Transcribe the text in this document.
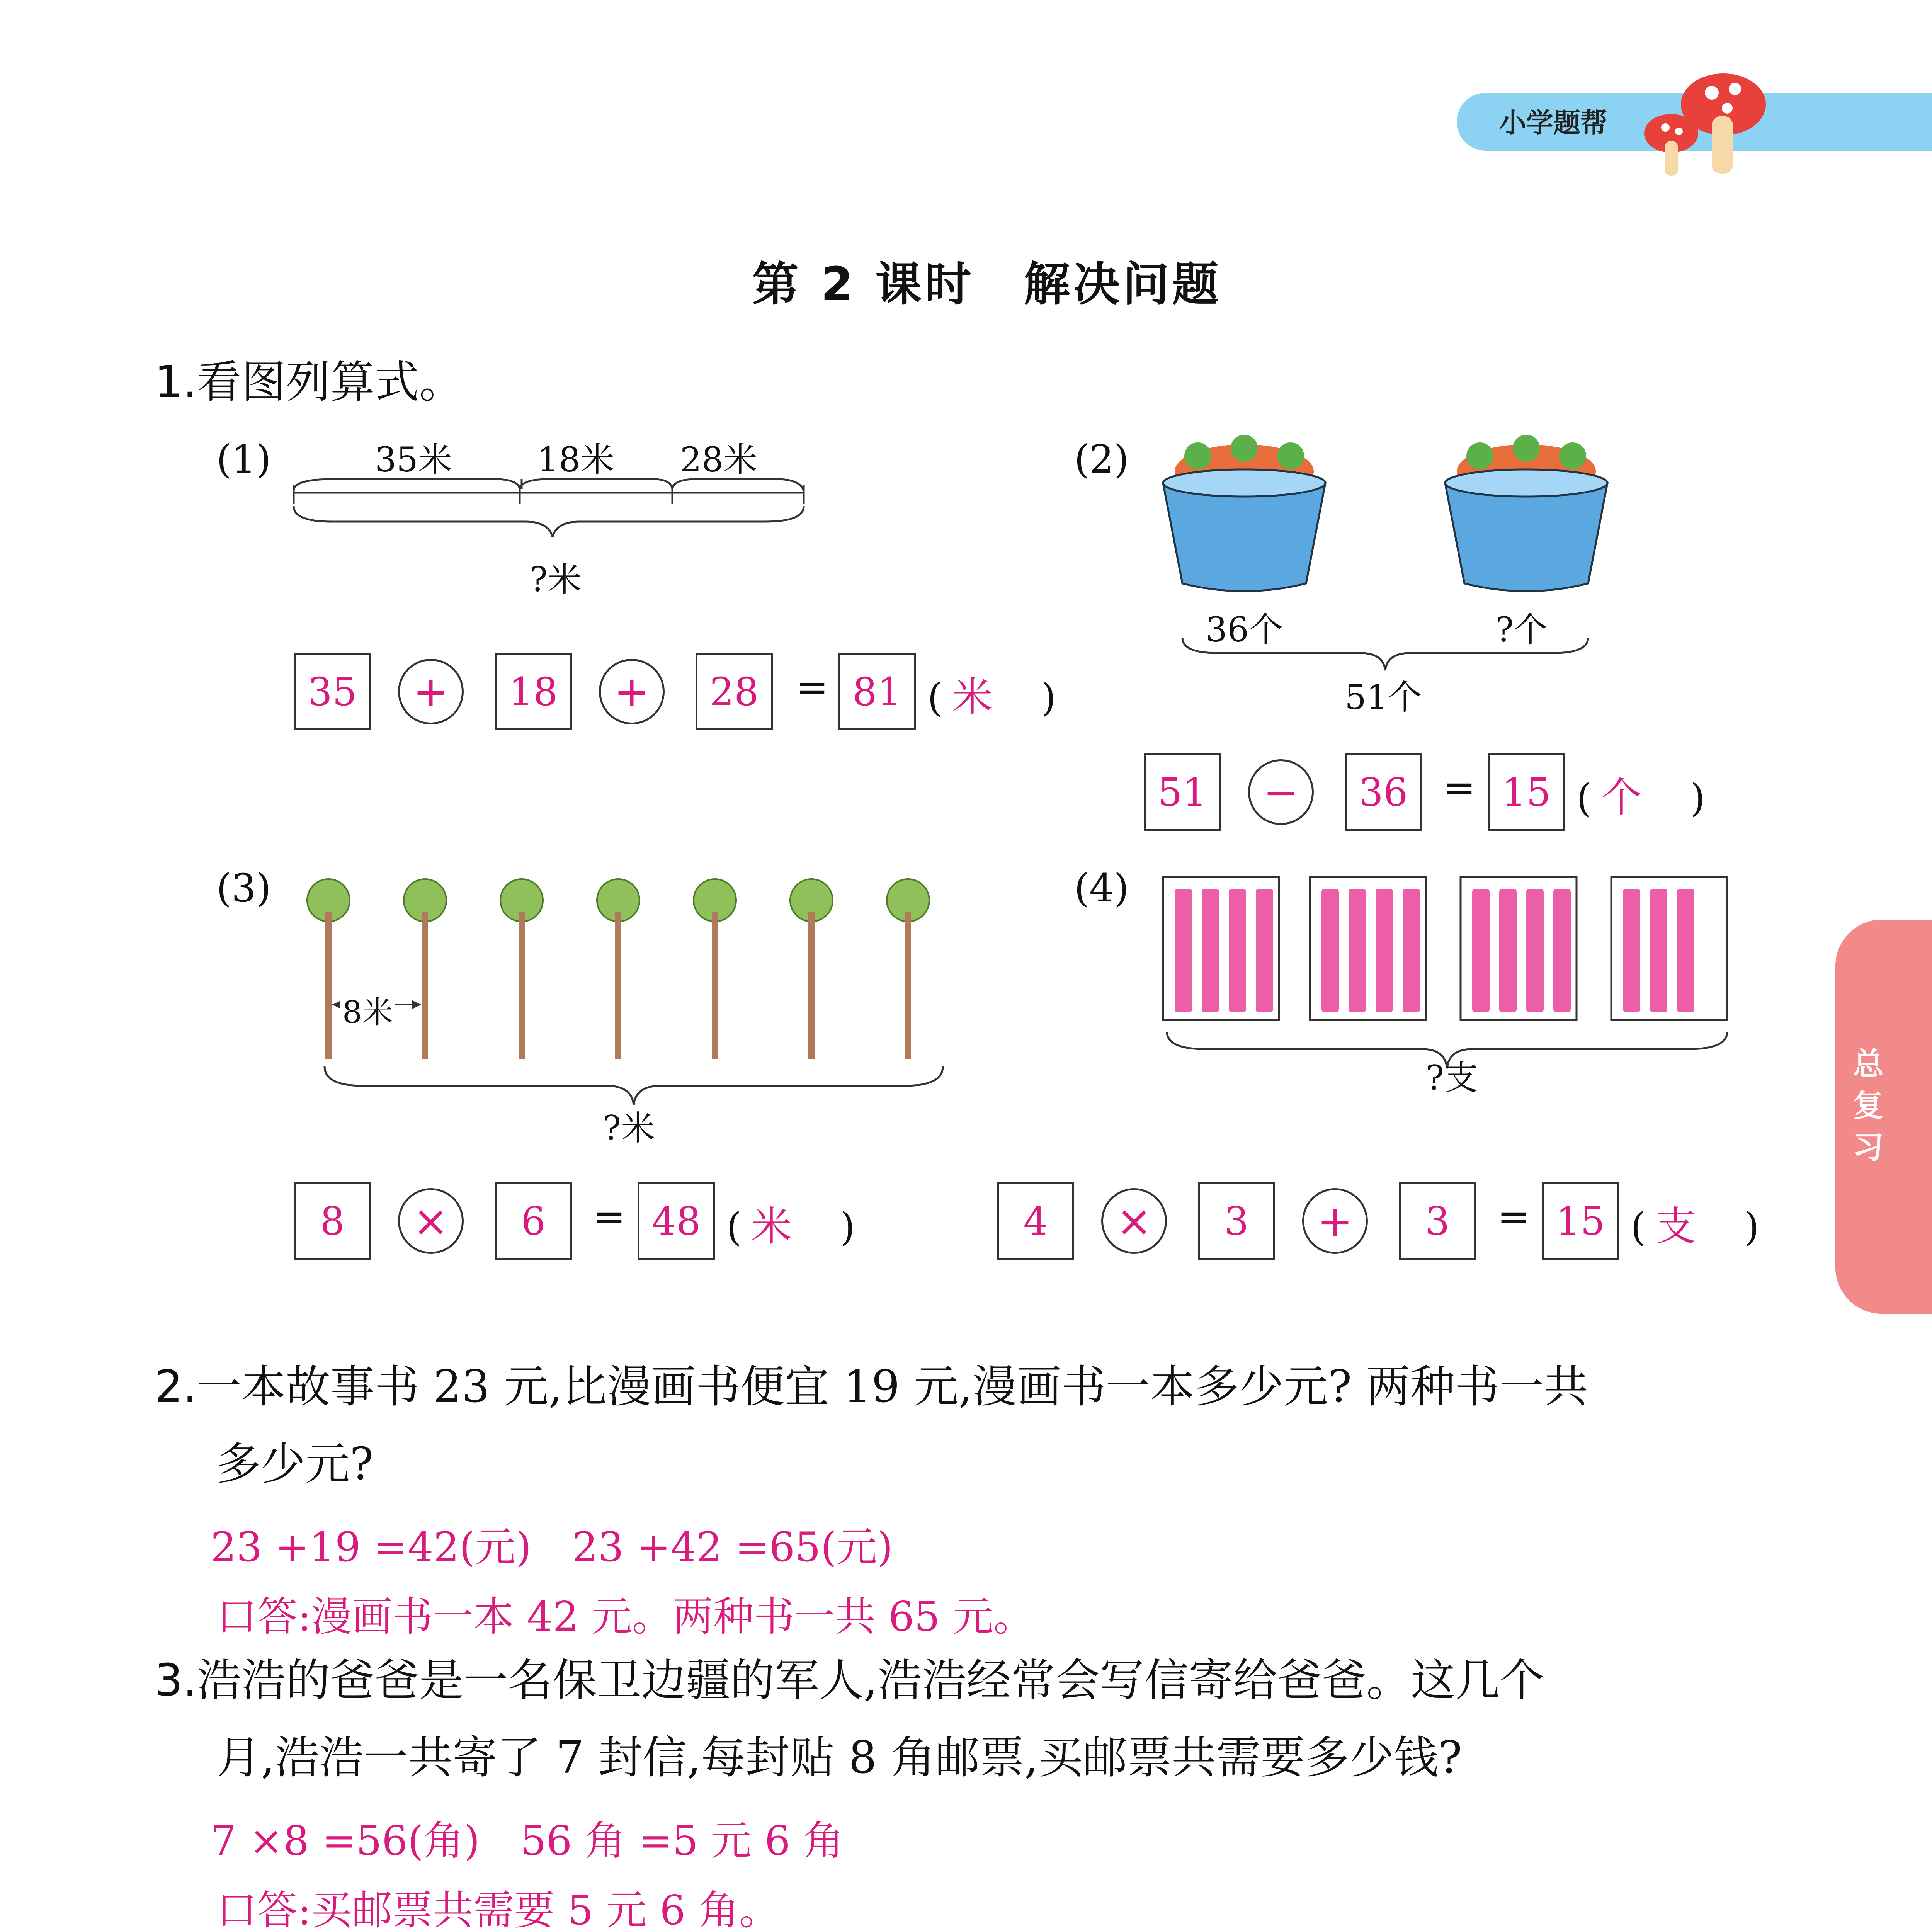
小学题帮
第 2 课时　解决问题
1.看图列算式。
(1)	35米	18米 28米
?米
35	+	18	+	28 = 81 ( 米 　)
(2)
36个	?个
51个
51	−	36 = 15 ( 个 　)
(3)
8米
?米
8	×	6	= 48 ( 米 　)
(4)
?支
4	×	3	+	3	= 15 ( 支 　)
总复习
2.一本故事书 23 元,比漫画书便宜 19 元,漫画书一本多少元? 两种书一共
多少元?
23 +19 =42(元)　23 +42 =65(元)
口答:漫画书一本 42 元。两种书一共 65 元。
3.浩浩的爸爸是一名保卫边疆的军人,浩浩经常会写信寄给爸爸。这几个
月,浩浩一共寄了 7 封信,每封贴 8 角邮票,买邮票共需要多少钱?
7 ×8 =56(角)　56 角 =5 元 6 角
口答:买邮票共需要 5 元 6 角。
